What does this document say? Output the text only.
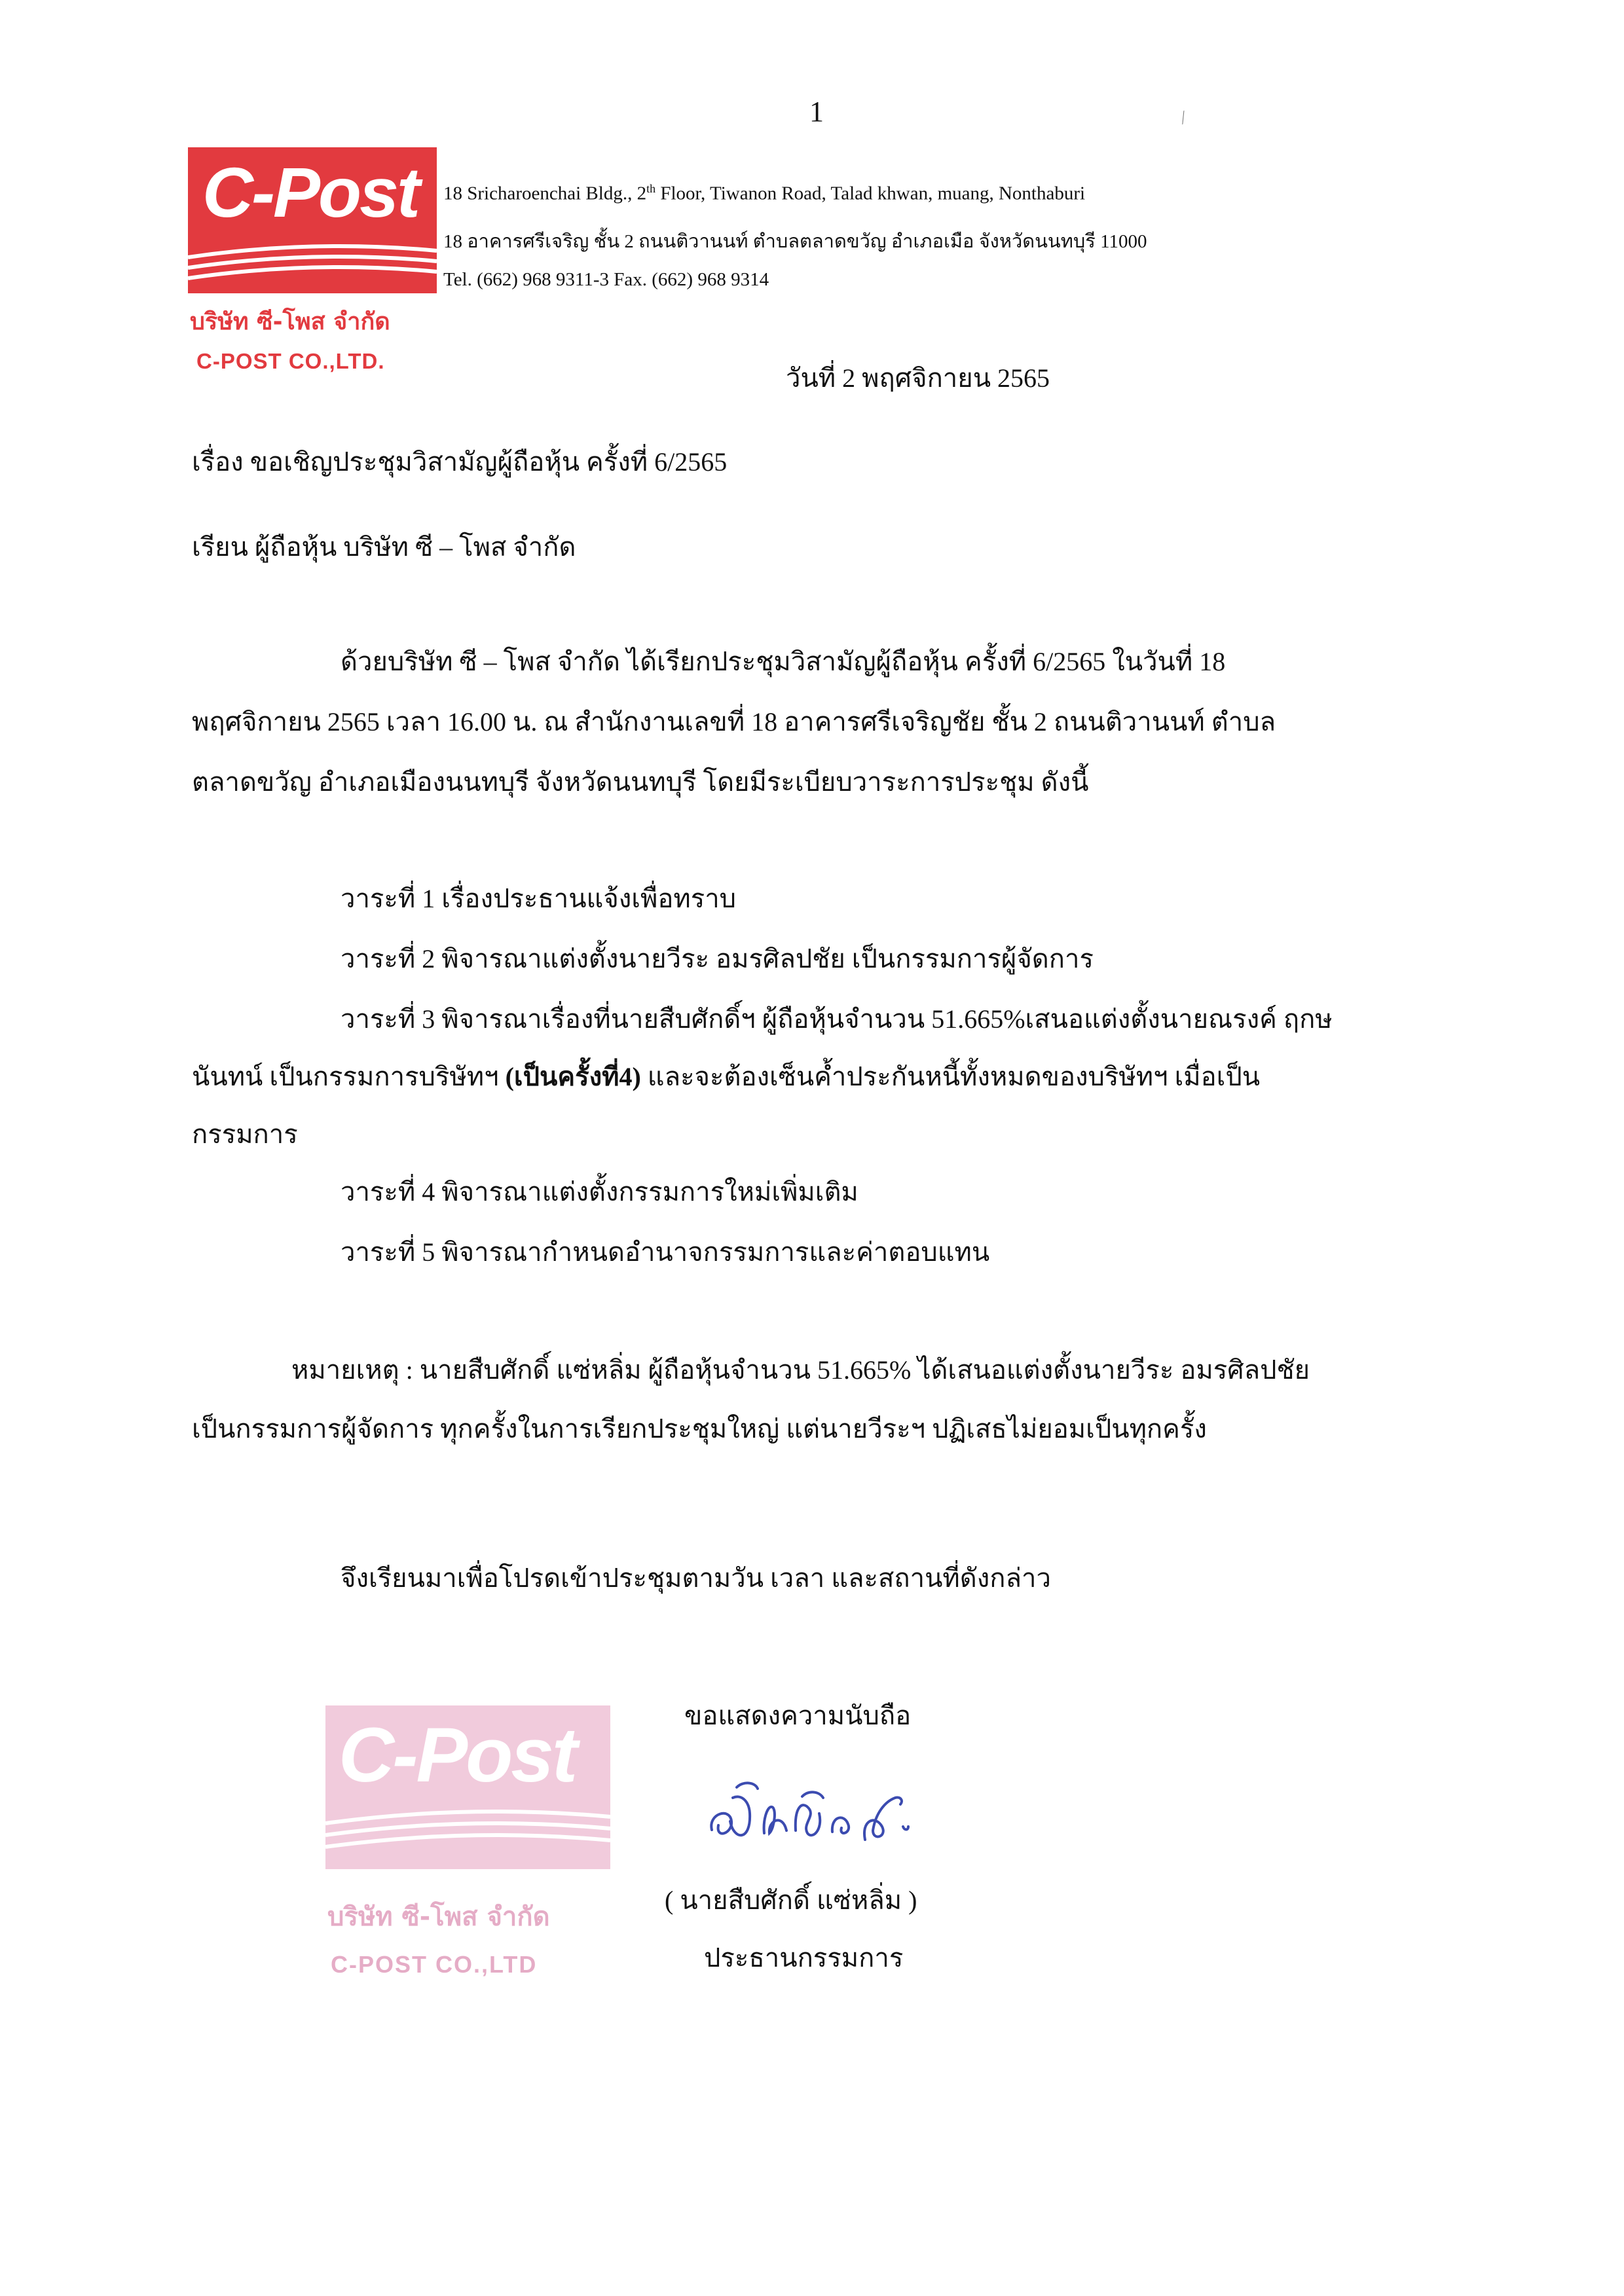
1	⁄
C-Post
บริษัท ซี-โพส จำกัด
C-POST CO.,LTD.
18 Sricharoenchai Bldg., 2th Floor, Tiwanon Road, Talad khwan, muang, Nonthaburi
18 อาคารศรีเจริญ ชั้น 2 ถนนติวานนท์ ตำบลตลาดขวัญ อำเภอเมือ จังหวัดนนทบุรี 11000
Tel. (662) 968 9311-3 Fax. (662) 968 9314
วันที่ 2 พฤศจิกายน 2565
เรื่อง ขอเชิญประชุมวิสามัญผู้ถือหุ้น ครั้งที่ 6/2565
เรียน ผู้ถือหุ้น บริษัท ซี – โพส จำกัด
ด้วยบริษัท ซี – โพส จำกัด ได้เรียกประชุมวิสามัญผู้ถือหุ้น ครั้งที่ 6/2565 ในวันที่ 18
พฤศจิกายน 2565 เวลา 16.00 น. ณ สำนักงานเลขที่ 18 อาคารศรีเจริญชัย ชั้น 2 ถนนติวานนท์ ตำบล
ตลาดขวัญ อำเภอเมืองนนทบุรี จังหวัดนนทบุรี โดยมีระเบียบวาระการประชุม ดังนี้
วาระที่ 1 เรื่องประธานแจ้งเพื่อทราบ
วาระที่ 2 พิจารณาแต่งตั้งนายวีระ อมรศิลปชัย เป็นกรรมการผู้จัดการ
วาระที่ 3 พิจารณาเรื่องที่นายสืบศักดิ์ฯ ผู้ถือหุ้นจำนวน 51.665%เสนอแต่งตั้งนายณรงค์ ฤกษ
นันทน์ เป็นกรรมการบริษัทฯ (เป็นครั้งที่4) และจะต้องเซ็นค้ำประกันหนี้ทั้งหมดของบริษัทฯ เมื่อเป็น
กรรมการ
วาระที่ 4 พิจารณาแต่งตั้งกรรมการใหม่เพิ่มเติม
วาระที่ 5 พิจารณากำหนดอำนาจกรรมการและค่าตอบแทน
หมายเหตุ : นายสืบศักดิ์ แซ่หลิ่ม ผู้ถือหุ้นจำนวน 51.665% ได้เสนอแต่งตั้งนายวีระ อมรศิลปชัย
เป็นกรรมการผู้จัดการ ทุกครั้งในการเรียกประชุมใหญ่ แต่นายวีระฯ ปฏิเสธไม่ยอมเป็นทุกครั้ง
จึงเรียนมาเพื่อโปรดเข้าประชุมตามวัน เวลา และสถานที่ดังกล่าว
ขอแสดงความนับถือ
C-Post
บริษัท ซี-โพส จำกัด
C-POST CO.,LTD
( นายสืบศักดิ์ แซ่หลิ่ม )
ประธานกรรมการ
